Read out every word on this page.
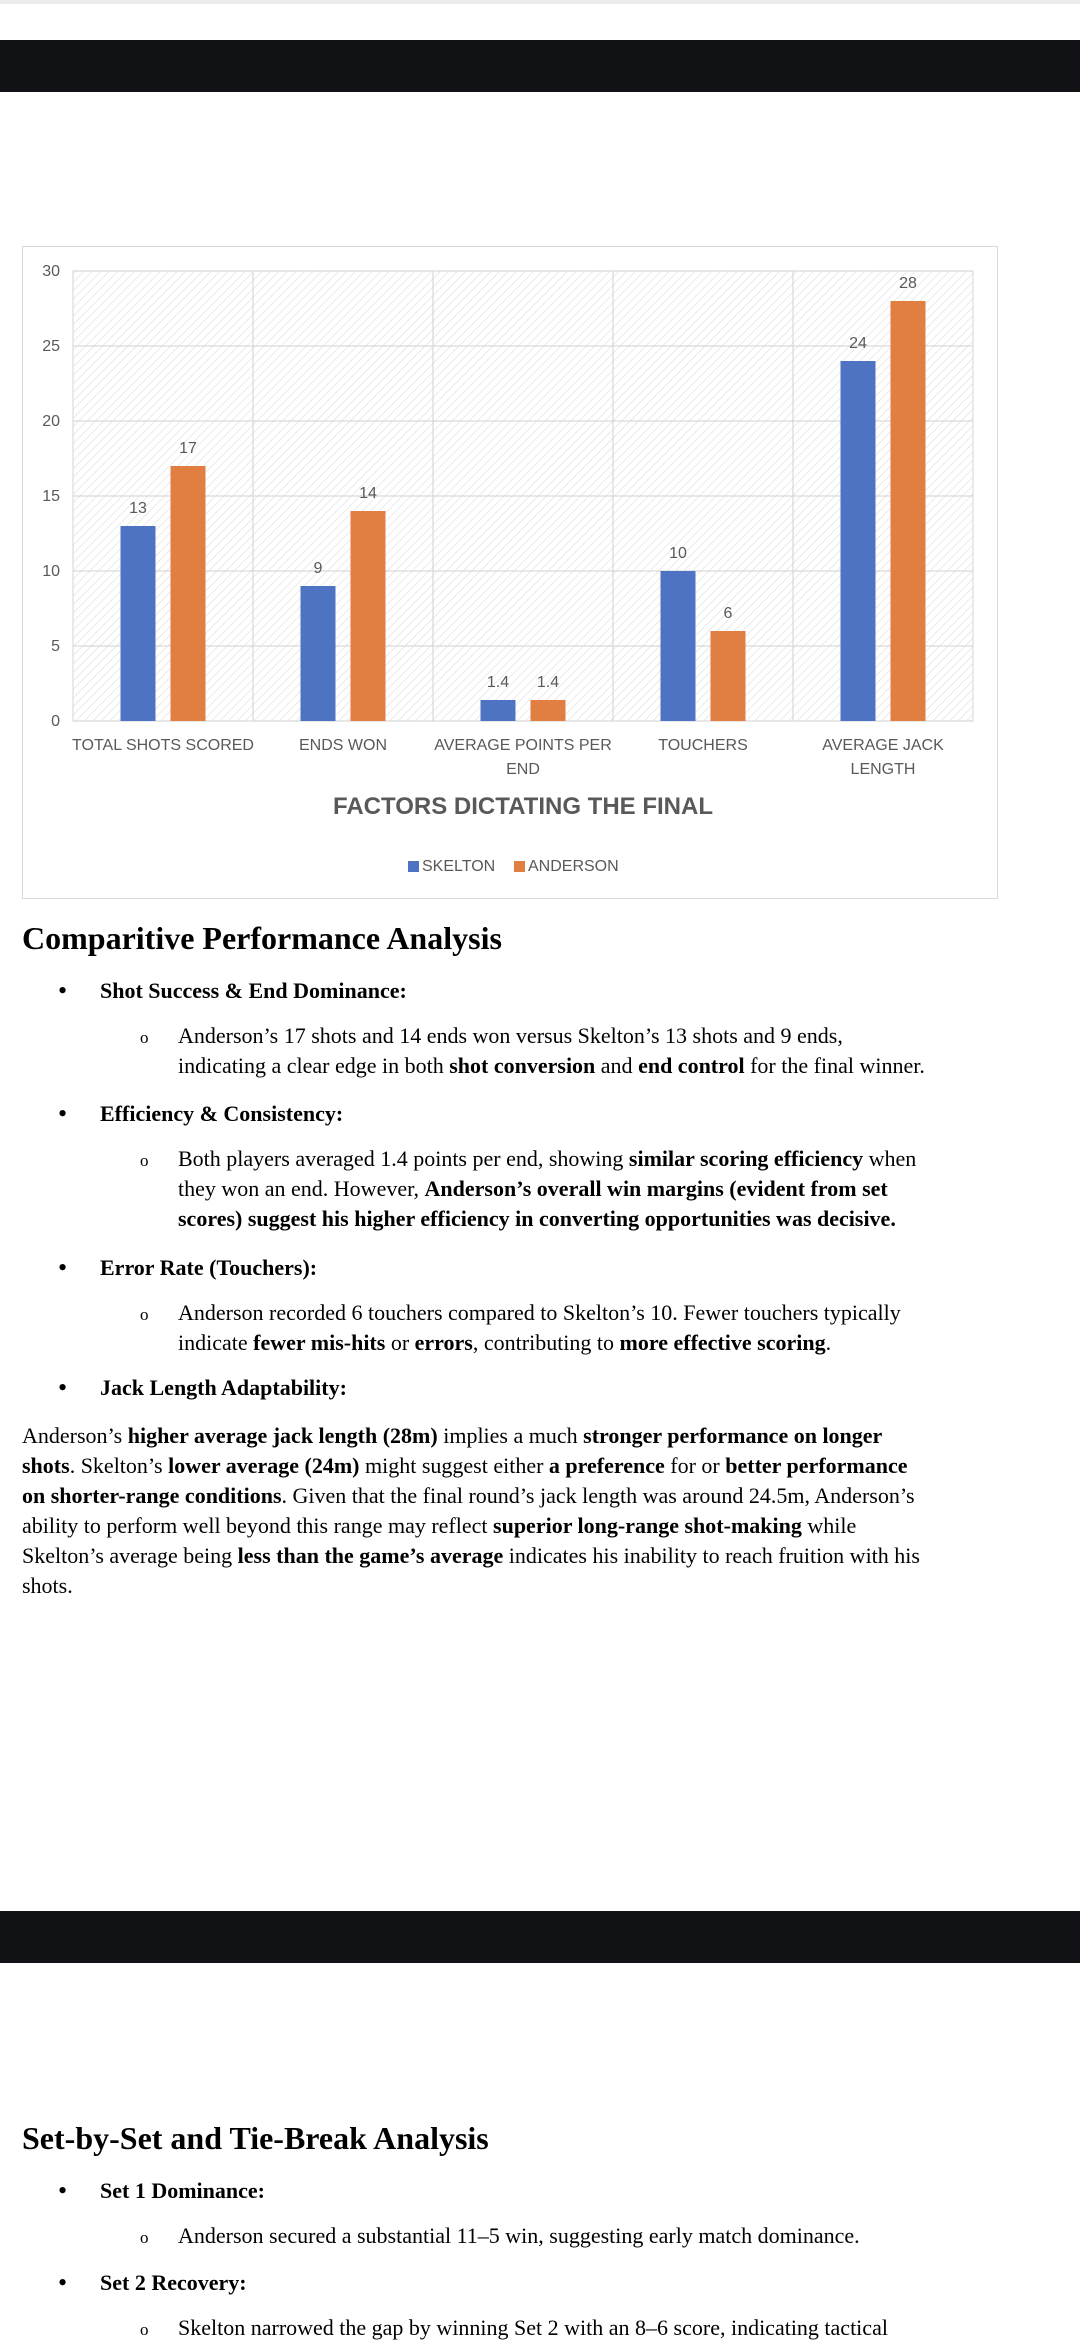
0
5
10
15
20
25
30
13
17
9
14
1.4 1.4
10
6
24
28
TOTAL SHOTS SCORED	ENDS WON	AVERAGE POINTS PER
END
TOUCHERS	AVERAGE JACK
LENGTH
FACTORS DICTATING THE FINAL
SKELTON ANDERSON
Comparitive Performance Analysis
• Shot Success & End Dominance:
o Anderson’s 17 shots and 14 ends won versus Skelton’s 13 shots and 9 ends,
indicating a clear edge in both shot conversion and end control for the final winner.
• Efficiency & Consistency:
o Both players averaged 1.4 points per end, showing similar scoring efficiency when
they won an end. However, Anderson’s overall win margins (evident from set
scores) suggest his higher efficiency in converting opportunities was decisive.
• Error Rate (Touchers):
o Anderson recorded 6 touchers compared to Skelton’s 10. Fewer touchers typically
indicate fewer mis-hits or errors, contributing to more effective scoring.
• Jack Length Adaptability:
Anderson’s higher average jack length (28m) implies a much stronger performance on longer
shots. Skelton’s lower average (24m) might suggest either a preference for or better performance
on shorter-range conditions. Given that the final round’s jack length was around 24.5m, Anderson’s
ability to perform well beyond this range may reflect superior long-range shot-making while
Skelton’s average being less than the game’s average indicates his inability to reach fruition with his
shots.
Set-by-Set and Tie-Break Analysis
• Set 1 Dominance:
o Anderson secured a substantial 11–5 win, suggesting early match dominance.
• Set 2 Recovery:
o Skelton narrowed the gap by winning Set 2 with an 8–6 score, indicating tactical
